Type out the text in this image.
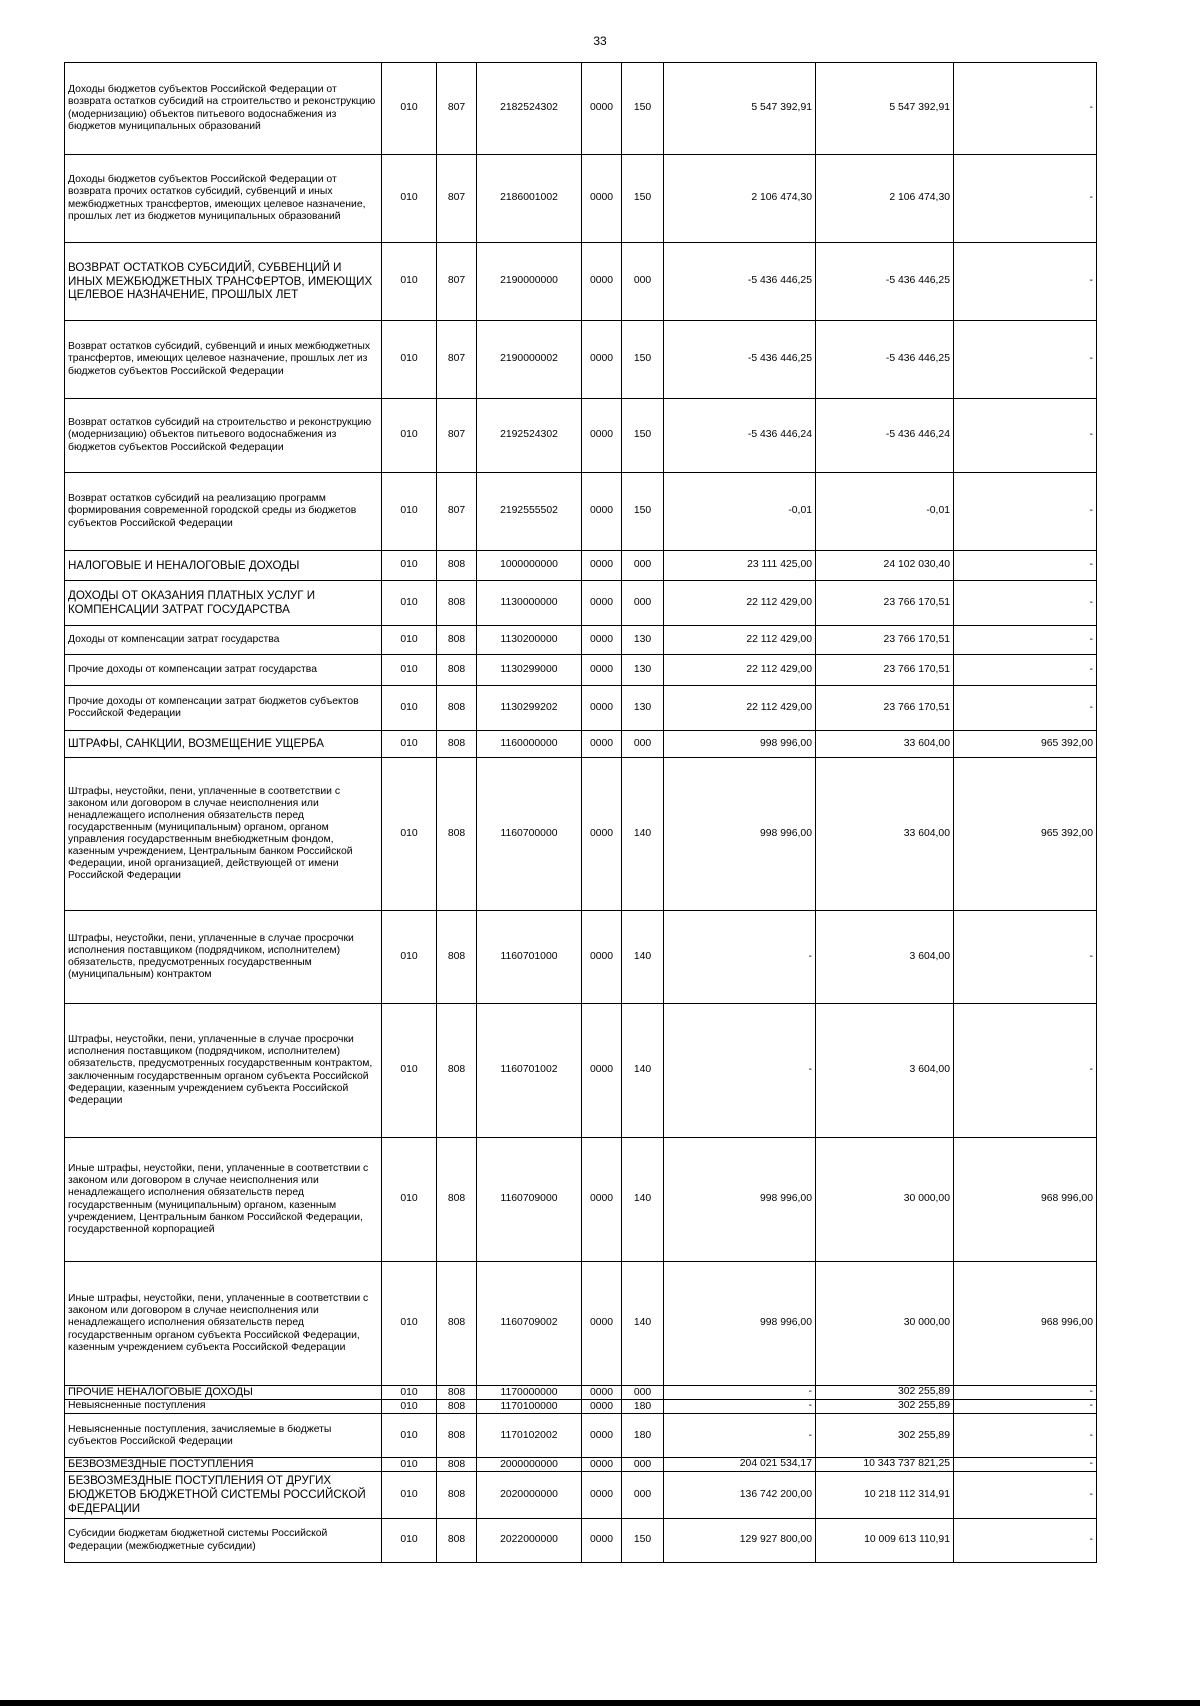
33
Доходы бюджетов субъектов Российской Федерации от возврата остатков субсидий на строительство и реконструкцию (модернизацию) объектов питьевого водоснабжения из бюджетов муниципальных образований	010	807	2182524302	0000	150	5 547 392,91	5 547 392,91	-
Доходы бюджетов субъектов Российской Федерации от возврата прочих остатков субсидий, субвенций и иных межбюджетных трансфертов, имеющих целевое назначение, прошлых лет из бюджетов муниципальных образований	010	807	2186001002	0000	150	2 106 474,30	2 106 474,30	-
ВОЗВРАТ ОСТАТКОВ СУБСИДИЙ, СУБВЕНЦИЙ И ИНЫХ МЕЖБЮДЖЕТНЫХ ТРАНСФЕРТОВ, ИМЕЮЩИХ ЦЕЛЕВОЕ НАЗНАЧЕНИЕ, ПРОШЛЫХ ЛЕТ	010	807	2190000000	0000	000	-5 436 446,25	-5 436 446,25	-
Возврат остатков субсидий, субвенций и иных межбюджетных трансфертов, имеющих целевое назначение, прошлых лет из бюджетов субъектов Российской Федерации	010	807	2190000002	0000	150	-5 436 446,25	-5 436 446,25	-
Возврат остатков субсидий на строительство и реконструкцию (модернизацию) объектов питьевого водоснабжения из бюджетов субъектов Российской Федерации	010	807	2192524302	0000	150	-5 436 446,24	-5 436 446,24	-
Возврат остатков субсидий на реализацию программ формирования современной городской среды из бюджетов субъектов Российской Федерации	010	807	2192555502	0000	150	-0,01	-0,01	-
НАЛОГОВЫЕ И НЕНАЛОГОВЫЕ ДОХОДЫ	010	808	1000000000	0000	000	23 111 425,00	24 102 030,40	-
ДОХОДЫ ОТ ОКАЗАНИЯ ПЛАТНЫХ УСЛУГ И КОМПЕНСАЦИИ ЗАТРАТ ГОСУДАРСТВА	010	808	1130000000	0000	000	22 112 429,00	23 766 170,51	-
Доходы от компенсации затрат государства	010	808	1130200000	0000	130	22 112 429,00	23 766 170,51	-
Прочие доходы от компенсации затрат государства	010	808	1130299000	0000	130	22 112 429,00	23 766 170,51	-
Прочие доходы от компенсации затрат бюджетов субъектов Российской Федерации	010	808	1130299202	0000	130	22 112 429,00	23 766 170,51	-
ШТРАФЫ, САНКЦИИ, ВОЗМЕЩЕНИЕ УЩЕРБА	010	808	1160000000	0000	000	998 996,00	33 604,00	965 392,00
Штрафы, неустойки, пени, уплаченные в соответствии с законом или договором в случае неисполнения или ненадлежащего исполнения обязательств перед государственным (муниципальным) органом, органом управления государственным внебюджетным фондом, казенным учреждением, Центральным банком Российской Федерации, иной организацией, действующей от имени Российской Федерации	010	808	1160700000	0000	140	998 996,00	33 604,00	965 392,00
Штрафы, неустойки, пени, уплаченные в случае просрочки исполнения поставщиком (подрядчиком, исполнителем) обязательств, предусмотренных государственным (муниципальным) контрактом	010	808	1160701000	0000	140	-	3 604,00	-
Штрафы, неустойки, пени, уплаченные в случае просрочки исполнения поставщиком (подрядчиком, исполнителем) обязательств, предусмотренных государственным контрактом, заключенным государственным органом субъекта Российской Федерации, казенным учреждением субъекта Российской Федерации	010	808	1160701002	0000	140	-	3 604,00	-
Иные штрафы, неустойки, пени, уплаченные в соответствии с законом или договором в случае неисполнения или ненадлежащего исполнения обязательств перед государственным (муниципальным) органом, казенным учреждением, Центральным банком Российской Федерации, государственной корпорацией	010	808	1160709000	0000	140	998 996,00	30 000,00	968 996,00
Иные штрафы, неустойки, пени, уплаченные в соответствии с законом или договором в случае неисполнения или ненадлежащего исполнения обязательств перед государственным органом субъекта Российской Федерации, казенным учреждением субъекта Российской Федерации	010	808	1160709002	0000	140	998 996,00	30 000,00	968 996,00
ПРОЧИЕ НЕНАЛОГОВЫЕ ДОХОДЫ	010	808	1170000000	0000	000	-	302 255,89	-
Невыясненные поступления	010	808	1170100000	0000	180	-	302 255,89	-
Невыясненные поступления, зачисляемые в бюджеты субъектов Российской Федерации	010	808	1170102002	0000	180	-	302 255,89	-
БЕЗВОЗМЕЗДНЫЕ ПОСТУПЛЕНИЯ	010	808	2000000000	0000	000	204 021 534,17	10 343 737 821,25	-
БЕЗВОЗМЕЗДНЫЕ ПОСТУПЛЕНИЯ ОТ ДРУГИХ БЮДЖЕТОВ БЮДЖЕТНОЙ СИСТЕМЫ РОССИЙСКОЙ ФЕДЕРАЦИИ	010	808	2020000000	0000	000	136 742 200,00	10 218 112 314,91	-
Субсидии бюджетам бюджетной системы Российской Федерации (межбюджетные субсидии)	010	808	2022000000	0000	150	129 927 800,00	10 009 613 110,91	-
